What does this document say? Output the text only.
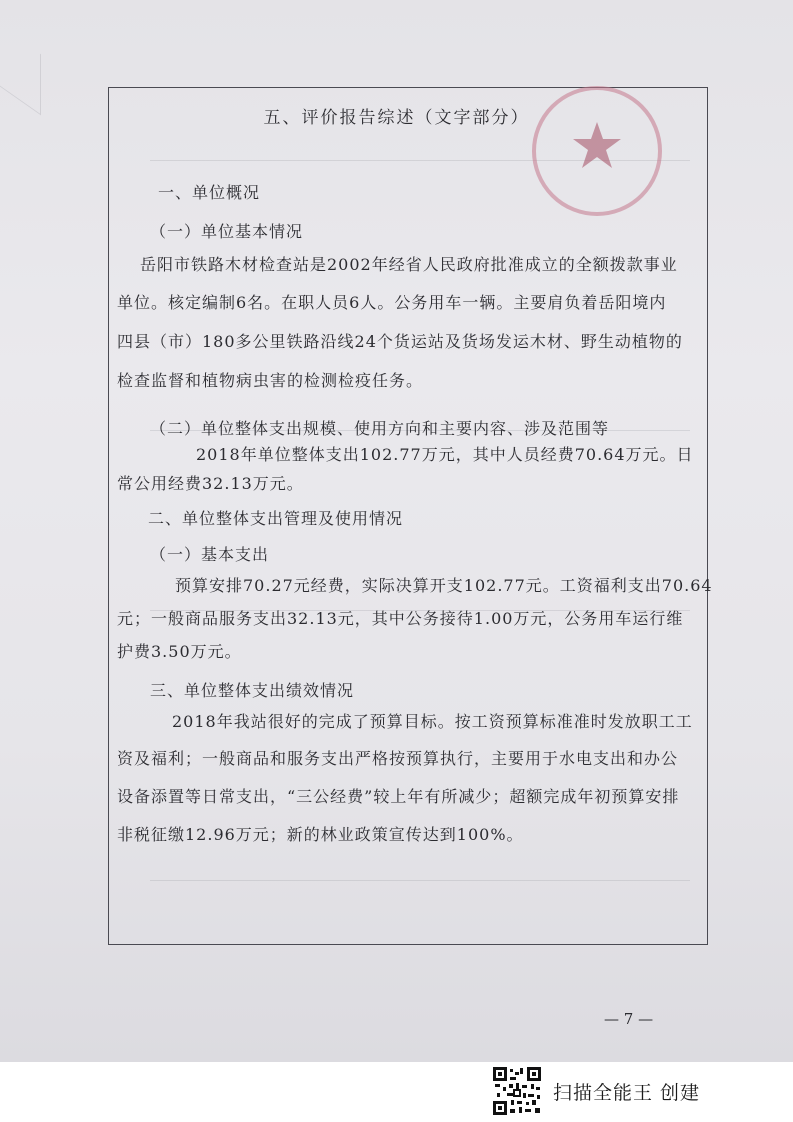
五、评价报告综述（文字部分）
一、单位概况
（一）单位基本情况
岳阳市铁路木材检查站是2002年经省人民政府批准成立的全额拨款事业
单位。核定编制6名。在职人员6人。公务用车一辆。主要肩负着岳阳境内
四县（市）180多公里铁路沿线24个货运站及货场发运木材、野生动植物的
检查监督和植物病虫害的检测检疫任务。
（二）单位整体支出规模、使用方向和主要内容、涉及范围等
2018年单位整体支出102.77万元，其中人员经费70.64万元。日
常公用经费32.13万元。
二、单位整体支出管理及使用情况
（一）基本支出
预算安排70.27元经费，实际决算开支102.77元。工资福利支出70.64
元；一般商品服务支出32.13元，其中公务接待1.00万元，公务用车运行维
护费3.50万元。
三、单位整体支出绩效情况
2018年我站很好的完成了预算目标。按工资预算标准准时发放职工工
资及福利；一般商品和服务支出严格按预算执行，主要用于水电支出和办公
设备添置等日常支出，“三公经费”较上年有所减少；超额完成年初预算安排
非税征缴12.96万元；新的林业政策宣传达到100%。
— 7 —
扫描全能王 创建
